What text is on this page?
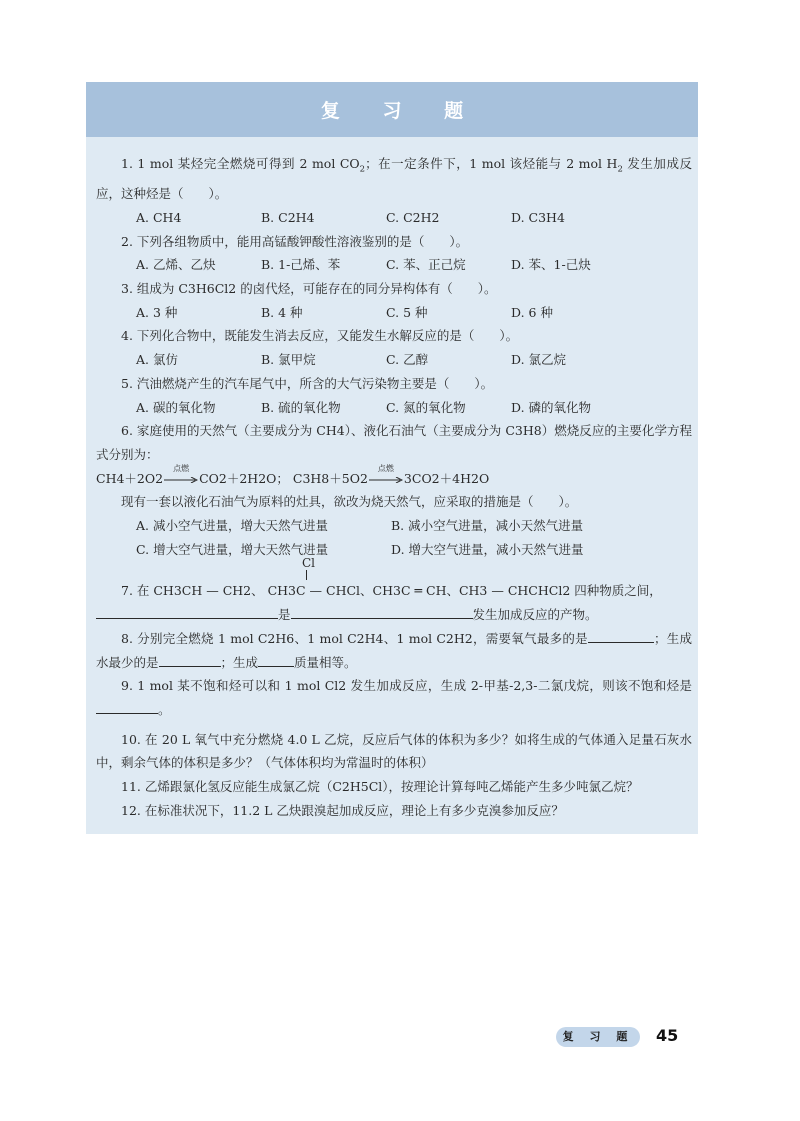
复 习 题
1. 1 mol 某烃完全燃烧可得到 2 mol $CO_2$；在一定条件下，1 mol 该烃能与 2 mol $H_2$ 发生加成反应，这种烃是（　　）。
A. CH4	B. C2H4	C. C2H2	D. C3H4
2. 下列各组物质中，能用高锰酸钾酸性溶液鉴别的是（　　）。
A. 乙烯、乙炔	B. 1-己烯、苯	C. 苯、正己烷	D. 苯、1-己炔
3. 组成为 C3H6Cl2 的卤代烃，可能存在的同分异构体有（　　）。
A. 3 种	B. 4 种	C. 5 种	D. 6 种
4. 下列化合物中，既能发生消去反应，又能发生水解反应的是（　　）。
A. 氯仿	B. 氯甲烷	C. 乙醇	D. 氯乙烷
5. 汽油燃烧产生的汽车尾气中，所含的大气污染物主要是（　　）。
A. 碳的氧化物	B. 硫的氧化物	C. 氮的氧化物	D. 磷的氧化物
6. 家庭使用的天然气（主要成分为 CH4）、液化石油气（主要成分为 C3H8）燃烧反应的主要化学方程式分别为：
CH4＋2O2
点燃
CO2＋2H2O； C3H8＋5O2
点燃
3CO2＋4H2O
现有一套以液化石油气为原料的灶具，欲改为烧天然气，应采取的措施是（　　）。
A. 减小空气进量，增大天然气进量	B. 减小空气进量，减小天然气进量
C. 增大空气进量，增大天然气进量	D. 增大空气进量，减小天然气进量
Cl
7. 在 CH3CH — CH2、 CH3C — CHCl、CH3C ═ CH、CH3 — CHCHCl2 四种物质之间，
是	发生加成反应的产物。
8. 分别完全燃烧 1 mol C2H6、1 mol C2H4、1 mol C2H2，需要氧气最多的是	；生成水最少的是	；生成	质量相等。
9. 1 mol 某不饱和烃可以和 1 mol Cl2 发生加成反应，生成 2-甲基-2,3-二氯戊烷，则该不饱和烃是。
10. 在 20 L 氧气中充分燃烧 4.0 L 乙烷，反应后气体的体积为多少？如将生成的气体通入足量石灰水中，剩余气体的体积是多少？（气体体积均为常温时的体积）
11. 乙烯跟氯化氢反应能生成氯乙烷（C2H5Cl），按理论计算每吨乙烯能产生多少吨氯乙烷？
12. 在标准状况下，11.2 L 乙炔跟溴起加成反应，理论上有多少克溴参加反应？
复 习 题	45
